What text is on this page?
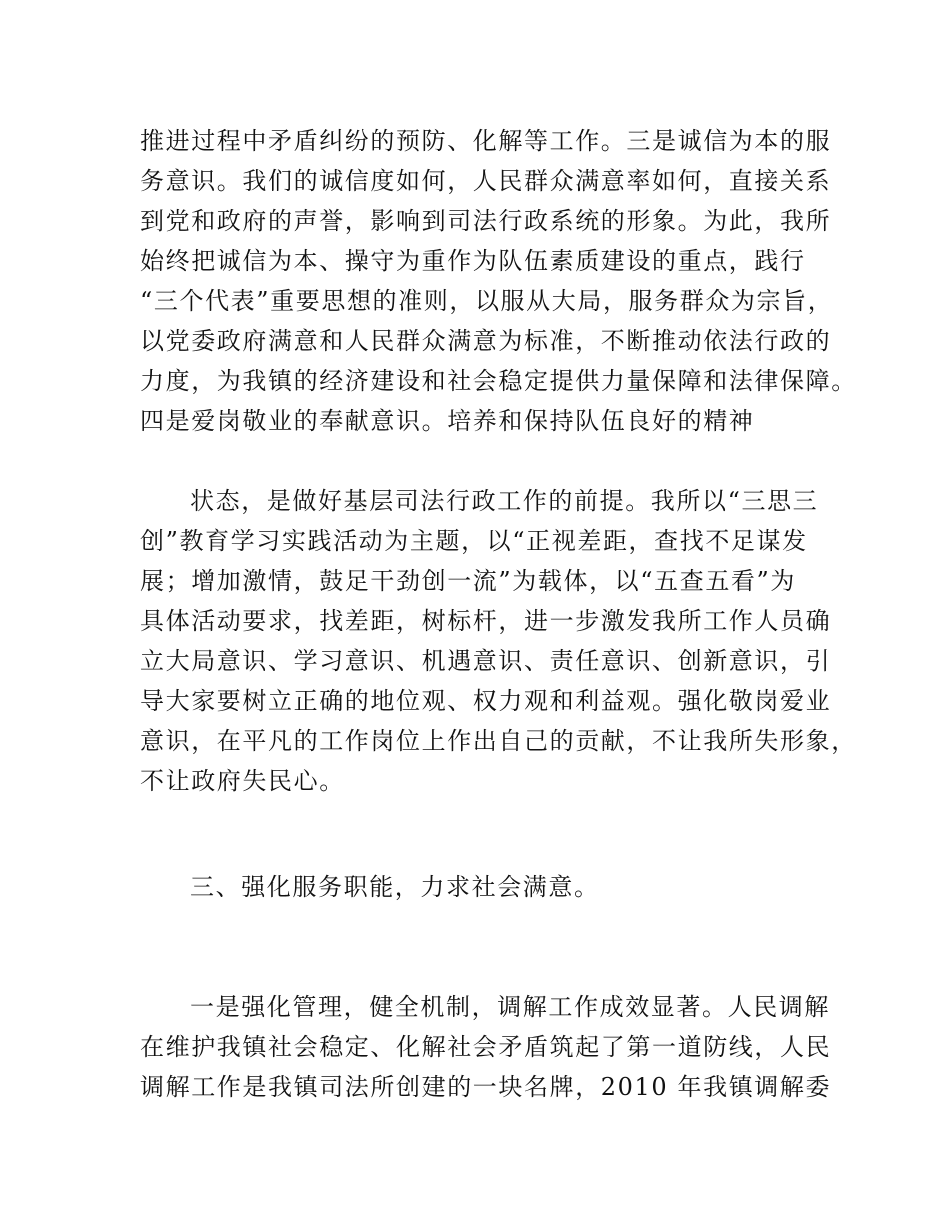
推进过程中矛盾纠纷的预防、化解等工作。三是诚信为本的服
务意识。我们的诚信度如何，人民群众满意率如何，直接关系
到党和政府的声誉，影响到司法行政系统的形象。为此，我所
始终把诚信为本、操守为重作为队伍素质建设的重点，践行
“三个代表”重要思想的准则，以服从大局，服务群众为宗旨，
以党委政府满意和人民群众满意为标准，不断推动依法行政的
力度，为我镇的经济建设和社会稳定提供力量保障和法律保障。
四是爱岗敬业的奉献意识。培养和保持队伍良好的精神
状态，是做好基层司法行政工作的前提。我所以“三思三
创”教育学习实践活动为主题，以“正视差距，查找不足谋发
展；增加激情，鼓足干劲创一流”为载体，以“五查五看”为
具体活动要求，找差距，树标杆，进一步激发我所工作人员确
立大局意识、学习意识、机遇意识、责任意识、创新意识，引
导大家要树立正确的地位观、权力观和利益观。强化敬岗爱业
意识，在平凡的工作岗位上作出自己的贡献，不让我所失形象，
不让政府失民心。
三、强化服务职能，力求社会满意。
一是强化管理，健全机制，调解工作成效显著。人民调解
在维护我镇社会稳定、化解社会矛盾筑起了第一道防线，人民
调解工作是我镇司法所创建的一块名牌，2010 年我镇调解委
